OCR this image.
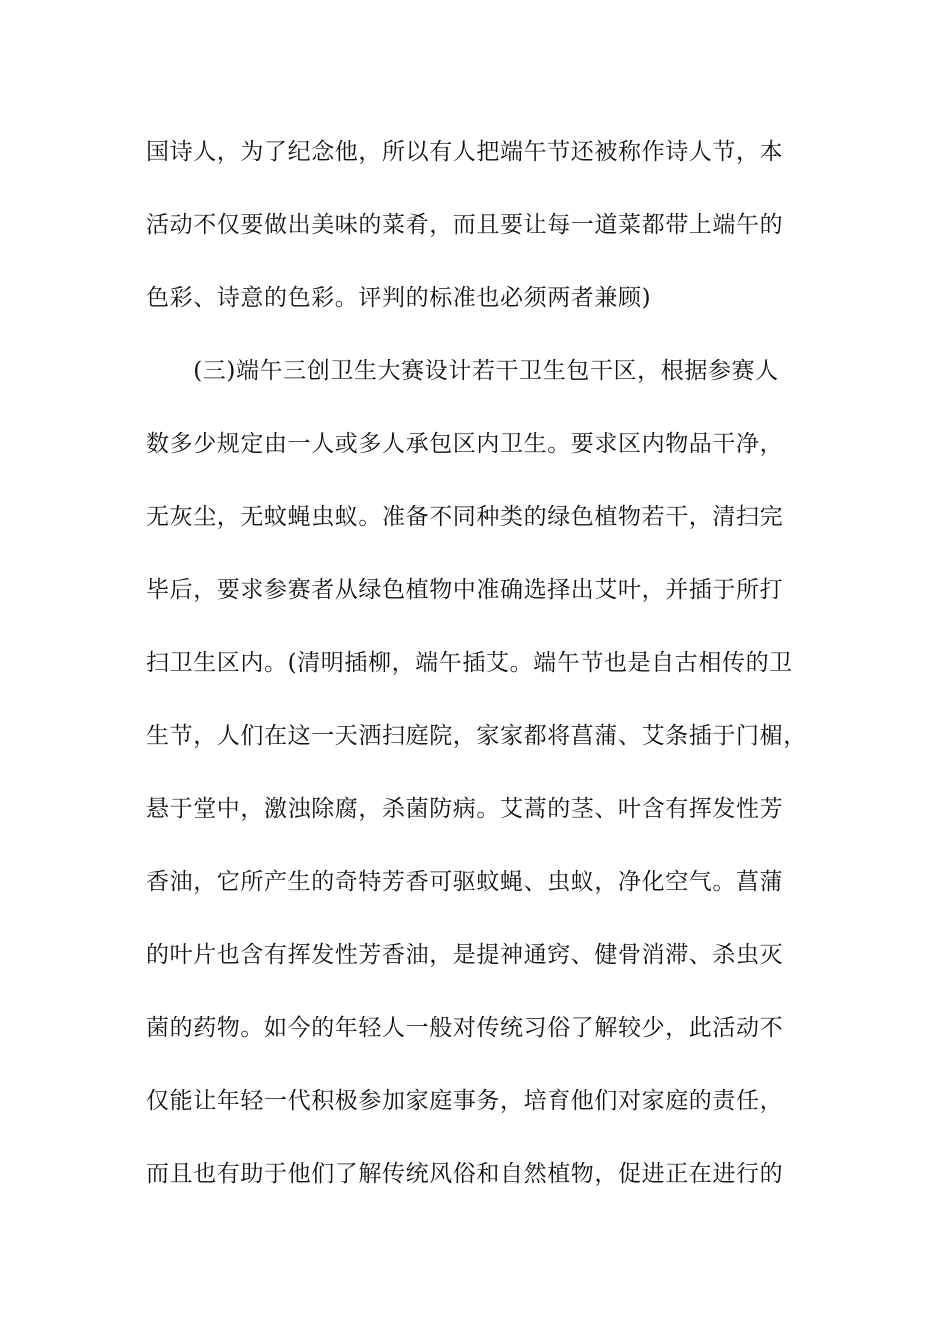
国诗人，为了纪念他，所以有人把端午节还被称作诗人节，本
活动不仅要做出美味的菜肴，而且要让每一道菜都带上端午的
色彩、诗意的色彩。评判的标准也必须两者兼顾)
　　(三)端午三创卫生大赛设计若干卫生包干区，根据参赛人
数多少规定由一人或多人承包区内卫生。要求区内物品干净，
无灰尘，无蚊蝇虫蚁。准备不同种类的绿色植物若干，清扫完
毕后，要求参赛者从绿色植物中准确选择出艾叶，并插于所打
扫卫生区内。(清明插柳，端午插艾。端午节也是自古相传的卫
生节，人们在这一天洒扫庭院，家家都将菖蒲、艾条插于门楣，
悬于堂中，激浊除腐，杀菌防病。艾蒿的茎、叶含有挥发性芳
香油，它所产生的奇特芳香可驱蚊蝇、虫蚁，净化空气。菖蒲
的叶片也含有挥发性芳香油，是提神通窍、健骨消滞、杀虫灭
菌的药物。如今的年轻人一般对传统习俗了解较少，此活动不
仅能让年轻一代积极参加家庭事务，培育他们对家庭的责任，
而且也有助于他们了解传统风俗和自然植物，促进正在进行的
